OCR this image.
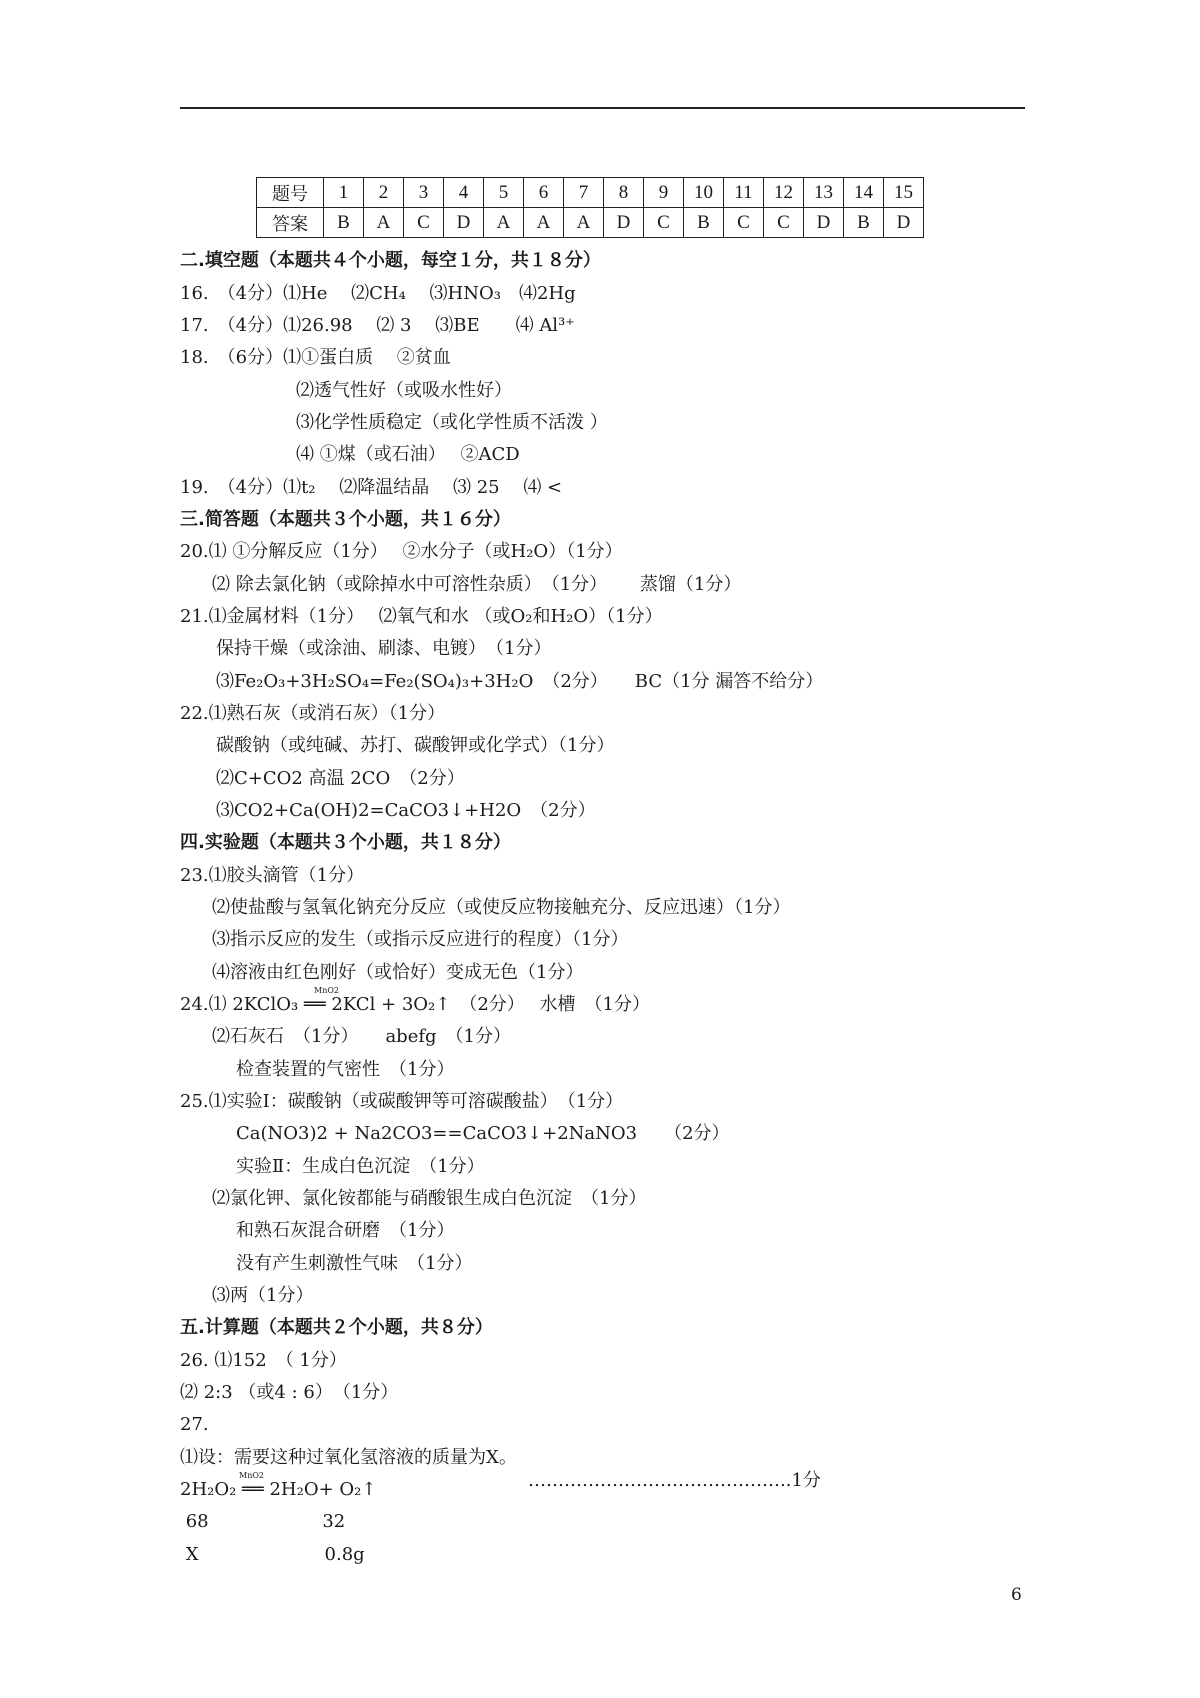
题号	1	2	3	4	5	6	7	8	9	10	11	12	13	14	15
答案	B	A	C	D	A	A	A	D	C	B	C	C	D	B	D
二.填空题（本题共４个小题，每空１分，共１８分）
16.　（4分）⑴He　 ⑵CH₄　 ⑶HNO₃　⑷2Hg
17.　（4分）⑴26.98　 ⑵ 3　 ⑶BE　　⑷ Al³⁺
18.　（6分）⑴①蛋白质　 ②贫血
⑵透气性好（或吸水性好）
⑶化学性质稳定（或化学性质不活泼 ）
⑷ ①煤（或石油）　 ②ACD
19.　（4分）⑴t₂　 ⑵降温结晶　 ⑶ 25　 ⑷ <
三.简答题（本题共３个小题，共１６分）
20.⑴ ①分解反应（1分）　 ②水分子（或H₂O）（1分）
⑵ 除去氯化钠（或除掉水中可溶性杂质）　（1分）　　 蒸馏（1分）
21.⑴金属材料（1分）　 ⑵氧气和水 （或O₂和H₂O）（1分）
保持干燥（或涂油、刷漆、电镀）　（1分）
⑶Fe₂O₃+3H₂SO₄=Fe₂(SO₄)₃+3H₂O　（2分）　　BC（1分 漏答不给分）
22.⑴熟石灰（或消石灰）（1分）
碳酸钠（或纯碱、苏打、碳酸钾或化学式）（1分）
⑵C+CO2 高温 2CO　（2分）
⑶CO2+Ca(OH)2=CaCO3↓+H2O　（2分）
四.实验题（本题共３个小题，共１８分）
23.⑴胶头滴管（1分）
⑵使盐酸与氢氧化钠充分反应（或使反应物接触充分、反应迅速）（1分）
⑶指示反应的发生（或指示反应进行的程度）（1分）
⑷溶液由红色刚好（或恰好）变成无色（1分）
24.⑴ 2KClO₃ ══ 2KCl + 3O₂↑　（2分）　 水槽　（1分）
MnO2
⑵石灰石　（1分）　　abefg　（1分）
检查装置的气密性　（1分）
25.⑴实验Ⅰ：碳酸钠（或碳酸钾等可溶碳酸盐）　（1分）
Ca(NO3)2 + Na2CO3==CaCO3↓+2NaNO3　　（2分）
实验Ⅱ：生成白色沉淀　（1分）
⑵氯化钾、氯化铵都能与硝酸银生成白色沉淀　（1分）
和熟石灰混合研磨　（1分）
没有产生刺激性气味　（1分）
⑶两（1分）
五.计算题（本题共２个小题，共８分）
26. ⑴152　（ 1分）
⑵ 2:3 （或4 : 6）　（1分）
27.
⑴设：需要这种过氧化氢溶液的质量为X。
2H₂O₂ ══ 2H₂O+ O₂↑
MnO2	……………………………………..1分
68　　　　　　 32
X　　　　　　　0.8g
6
